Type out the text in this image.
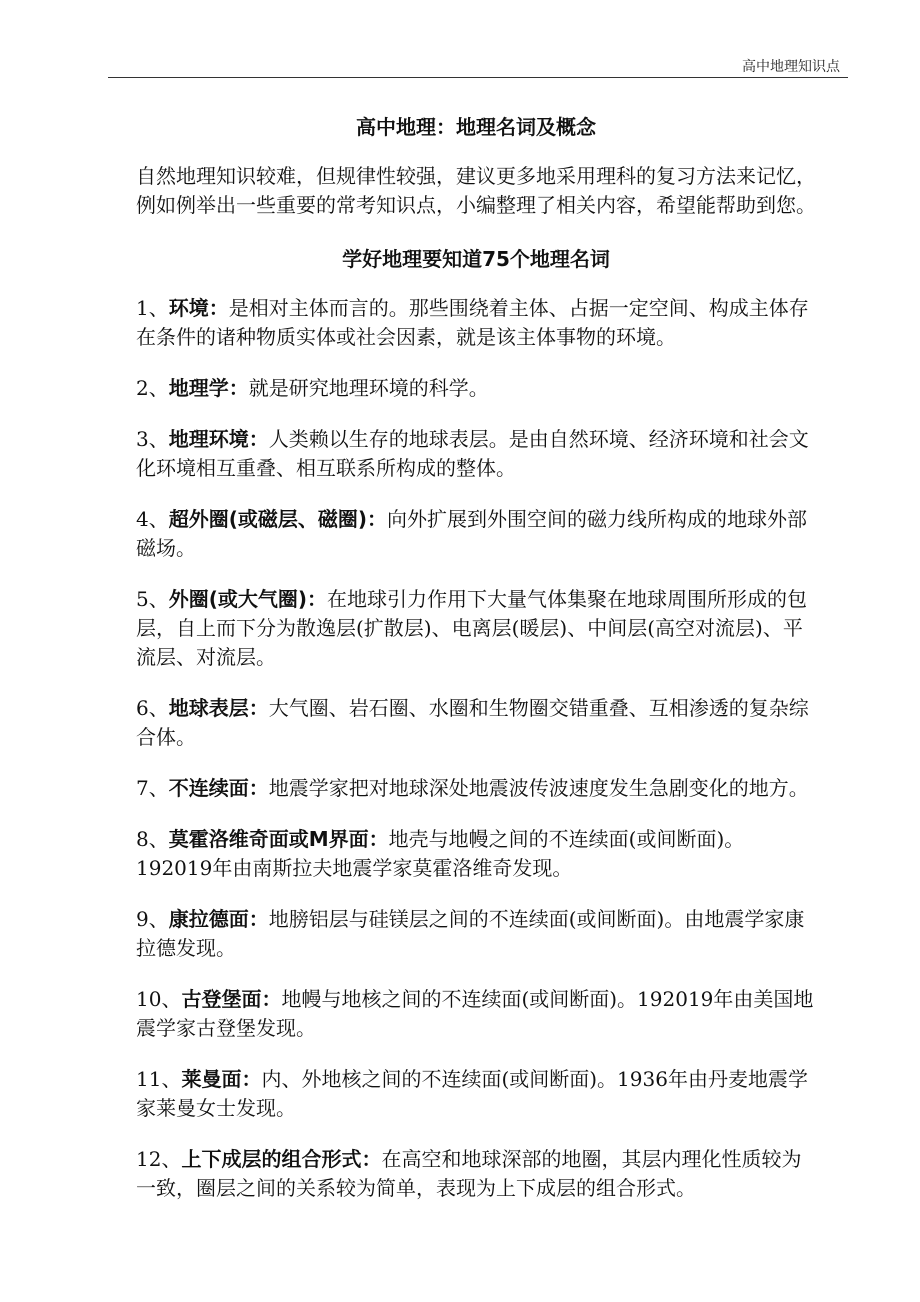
高中地理知识点
高中地理：地理名词及概念
自然地理知识较难，但规律性较强，建议更多地采用理科的复习方法来记忆，例如例举出一些重要的常考知识点，小编整理了相关内容，希望能帮助到您。
学好地理要知道75个地理名词
1、环境：是相对主体而言的。那些围绕着主体、占据一定空间、构成主体存在条件的诸种物质实体或社会因素，就是该主体事物的环境。
2、地理学：就是研究地理环境的科学。
3、地理环境：人类赖以生存的地球表层。是由自然环境、经济环境和社会文化环境相互重叠、相互联系所构成的整体。
4、超外圈(或磁层、磁圈)：向外扩展到外围空间的磁力线所构成的地球外部磁场。
5、外圈(或大气圈)：在地球引力作用下大量气体集聚在地球周围所形成的包层，自上而下分为散逸层(扩散层)、电离层(暖层)、中间层(高空对流层)、平流层、对流层。
6、地球表层：大气圈、岩石圈、水圈和生物圈交错重叠、互相渗透的复杂综合体。
7、不连续面：地震学家把对地球深处地震波传波速度发生急剧变化的地方。
8、莫霍洛维奇面或M界面：地壳与地幔之间的不连续面(或间断面)。192019年由南斯拉夫地震学家莫霍洛维奇发现。
9、康拉德面：地膀铝层与硅镁层之间的不连续面(或间断面)。由地震学家康拉德发现。
10、古登堡面：地幔与地核之间的不连续面(或间断面)。192019年由美国地震学家古登堡发现。
11、莱曼面：内、外地核之间的不连续面(或间断面)。1936年由丹麦地震学家莱曼女士发现。
12、上下成层的组合形式：在高空和地球深部的地圈，其层内理化性质较为一致，圈层之间的关系较为简单，表现为上下成层的组合形式。
